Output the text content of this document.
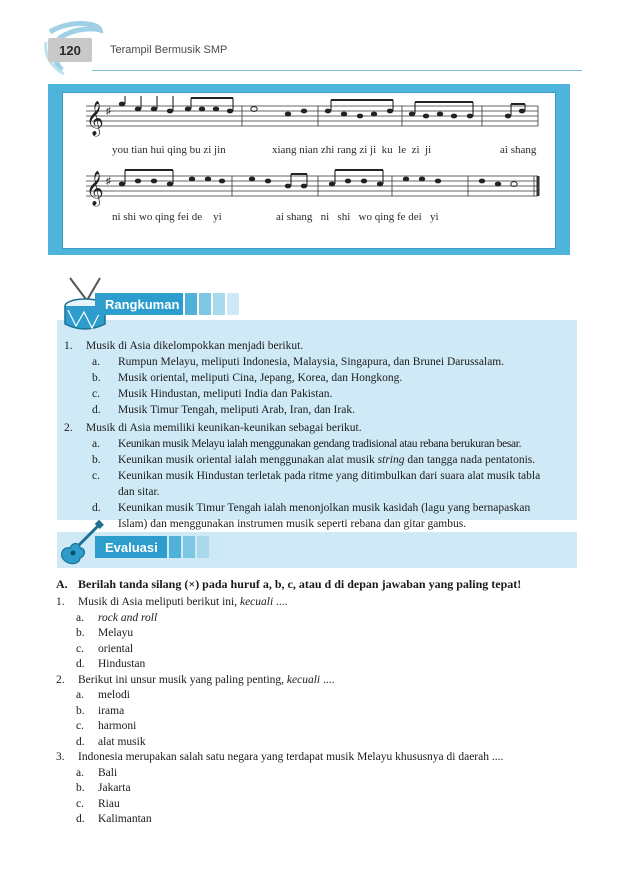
120	Terampil Bermusik SMP
𝄞 ♯
you tian hui qing bu zi jin	xiang nian zhi rang zi ji  ku  le  zi  ji	ai shang
𝄞 ♯
ni shi wo qing fei de    yi	ai shang   ni   shi   wo qing fe dei   yi
Rangkuman
1. Musik di Asia dikelompokkan menjadi berikut.
a. Rumpun Melayu, meliputi Indonesia, Malaysia, Singapura, dan Brunei Darussalam.
b. Musik oriental, meliputi Cina, Jepang, Korea, dan Hongkong.
c. Musik Hindustan, meliputi India dan Pakistan.
d. Musik Timur Tengah, meliputi Arab, Iran, dan Irak.
2. Musik di Asia memiliki keunikan-keunikan sebagai berikut.
a. Keunikan musik Melayu ialah menggunakan gendang tradisional atau rebana berukuran besar.
b. Keunikan musik oriental ialah menggunakan alat musik string dan tangga nada pentatonis.
c. Keunikan musik Hindustan terletak pada ritme yang ditimbulkan dari suara alat musik tabla
dan sitar.
d. Keunikan musik Timur Tengah ialah menonjolkan musik kasidah (lagu yang bernapaskan
Islam) dan menggunakan instrumen musik seperti rebana dan gitar gambus.
Evaluasi
A. Berilah tanda silang (×) pada huruf a, b, c, atau d di depan jawaban yang paling tepat!
1. Musik di Asia meliputi berikut ini, kecuali ....
a. rock and roll
b. Melayu
c. oriental
d. Hindustan
2. Berikut ini unsur musik yang paling penting, kecuali ....
a. melodi
b. irama
c. harmoni
d. alat musik
3. Indonesia merupakan salah satu negara yang terdapat musik Melayu khususnya di daerah ....
a. Bali
b. Jakarta
c. Riau
d. Kalimantan
